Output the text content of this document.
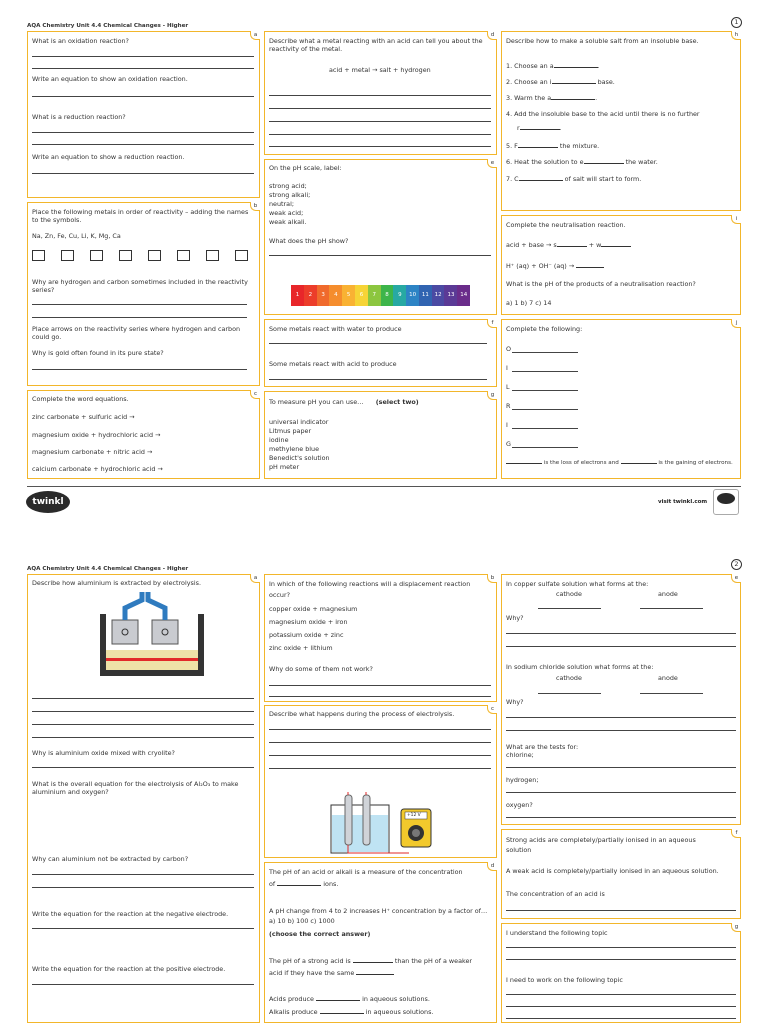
AQA Chemistry Unit 4.4 Chemical Changes - Higher	1
a
What is an oxidation reaction?
Write an equation to show an oxidation reaction.
What is a reduction reaction?
Write an equation to show a reduction reaction.
b
Place the following metals in order of reactivity – adding the names to the symbols.
Na, Zn, Fe, Cu, Li, K, Mg, Ca
Why are hydrogen and carbon sometimes included in the reactivity series?
Place arrows on the reactivity series where hydrogen and carbon could go.
Why is gold often found in its pure state?
c
Complete the word equations.
zinc carbonate + sulfuric acid →
magnesium oxide + hydrochloric acid →
magnesium carbonate + nitric acid →
calcium carbonate + hydrochloric acid →
d
Describe what a metal reacting with an acid can tell you about the reactivity of the metal.
acid + metal → salt + hydrogen
e
On the pH scale, label:
strong acid;
strong alkali;
neutral;
weak acid;
weak alkali.
What does the pH show?
1	2	3	4	5	6	7	8	9	10	11	12	13	14
f
Some metals react with water to produce
Some metals react with acid to produce
g
To measure pH you can use… (select two)
universal indicator
Litmus paper
iodine
methylene blue
Benedict's solution
pH meter
h
Describe how to make a soluble salt from an insoluble base.
1. Choose an a	.
2. Choose an i	base.
3. Warm the a	.
4. Add the insoluble base to the acid until there is no further
r	.
5. F	the mixture.
6. Heat the solution to e	the water.
7. C	of salt will start to form.
i
Complete the neutralisation reaction.
acid + base → s	+ w
H⁺ (aq) + OH⁻ (aq) →
What is the pH of the products of a neutralisation reaction?
a) 1 b) 7 c) 14
j
Complete the following:
O
I
L
R
I
G
is the loss of electrons and	is the gaining of electrons.
twinkl	visit twinkl.com
AQA Chemistry Unit 4.4 Chemical Changes - Higher
2
a
Describe how aluminium is extracted by electrolysis.
Why is aluminium oxide mixed with cryolite?
What is the overall equation for the electrolysis of Al₂O₃ to make aluminium and oxygen?
Why can aluminium not be extracted by carbon?
Write the equation for the reaction at the negative electrode.
Write the equation for the reaction at the positive electrode.
b
In which of the following reactions will a displacement reaction occur?
copper oxide + magnesium
magnesium oxide + iron
potassium oxide + zinc
zinc oxide + lithium
Why do some of them not work?
c
Describe what happens during the process of electrolysis.
+12 V
d
The pH of an acid or alkali is a measure of the concentration
of	ions.
A pH change from 4 to 2 increases H⁺ concentration by a factor of…
a) 10 b) 100 c) 1000
(choose the correct answer)
The pH of a strong acid is	than the pH of a weaker
acid if they have the same
Acids produce	in aqueous solutions.
Alkalis produce	in aqueous solutions.
e
In copper sulfate solution what forms at the:
cathode	anode
Why?
In sodium chloride solution what forms at the:
cathode	anode
Why?
What are the tests for:
chlorine;
hydrogen;
oxygen?
f
Strong acids are completely/partially ionised in an aqueous solution
A weak acid is completely/partially ionised in an aqueous solution.
The concentration of an acid is
g
I understand the following topic
I need to work on the following topic
